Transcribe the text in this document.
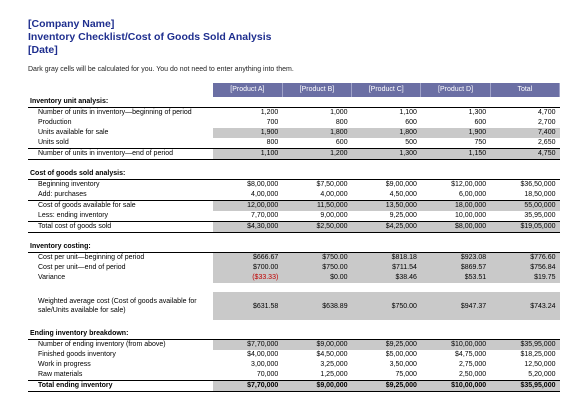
[Company Name]
Inventory Checklist/Cost of Goods Sold Analysis
[Date]
Dark gray cells will be calculated for you. You do not need to enter anything into them.
	[Product A]	[Product B]	[Product C]	[Product D]	Total
Inventory unit analysis:					
Number of units in inventory—beginning of period	1,200	1,000	1,100	1,300	4,700
Production	700	800	600	600	2,700
Units available for sale	1,900	1,800	1,800	1,900	7,400
Units sold	800	600	500	750	2,650
Number of units in inventory—end of period	1,100	1,200	1,300	1,150	4,750

Cost of goods sold analysis:					
Beginning inventory	$8,00,000	$7,50,000	$9,00,000	$12,00,000	$36,50,000
Add: purchases	4,00,000	4,00,000	4,50,000	6,00,000	18,50,000
Cost of goods available for sale	12,00,000	11,50,000	13,50,000	18,00,000	55,00,000
Less: ending inventory	7,70,000	9,00,000	9,25,000	10,00,000	35,95,000
Total cost of goods sold	$4,30,000	$2,50,000	$4,25,000	$8,00,000	$19,05,000

Inventory costing:					
Cost per unit—beginning of period	$666.67	$750.00	$818.18	$923.08	$776.60
Cost per unit—end of period	$700.00	$750.00	$711.54	$869.57	$756.84
Variance	($33.33)	$0.00	$38.46	$53.51	$19.75

Weighted average cost (Cost of goods available for sale/Units available for sale)	$631.58	$638.89	$750.00	$947.37	$743.24

Ending inventory breakdown:					
Number of ending inventory (from above)	$7,70,000	$9,00,000	$9,25,000	$10,00,000	$35,95,000
Finished goods inventory	$4,00,000	$4,50,000	$5,00,000	$4,75,000	$18,25,000
Work in progress	3,00,000	3,25,000	3,50,000	2,75,000	12,50,000
Raw materials	70,000	1,25,000	75,000	2,50,000	5,20,000
Total ending inventory	$7,70,000	$9,00,000	$9,25,000	$10,00,000	$35,95,000
